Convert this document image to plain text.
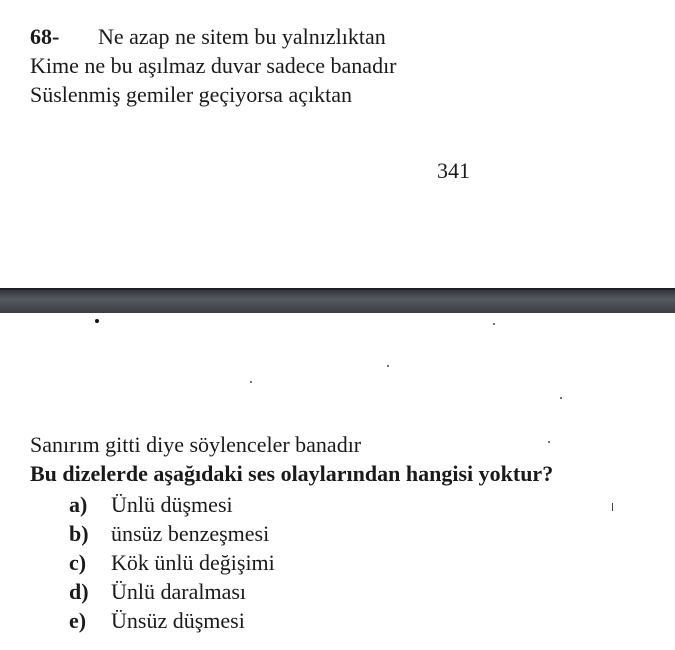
68- Ne azap ne sitem bu yalnızlıktan
Kime ne bu aşılmaz duvar sadece banadır
Süslenmiş gemiler geçiyorsa açıktan
341
Sanırım gitti diye söylenceler banadır
Bu dizelerde aşağıdaki ses olaylarından hangisi yoktur?
a) Ünlü düşmesi
b) ünsüz benzeşmesi
c) Kök ünlü değişimi
d) Ünlü daralması
e) Ünsüz düşmesi
